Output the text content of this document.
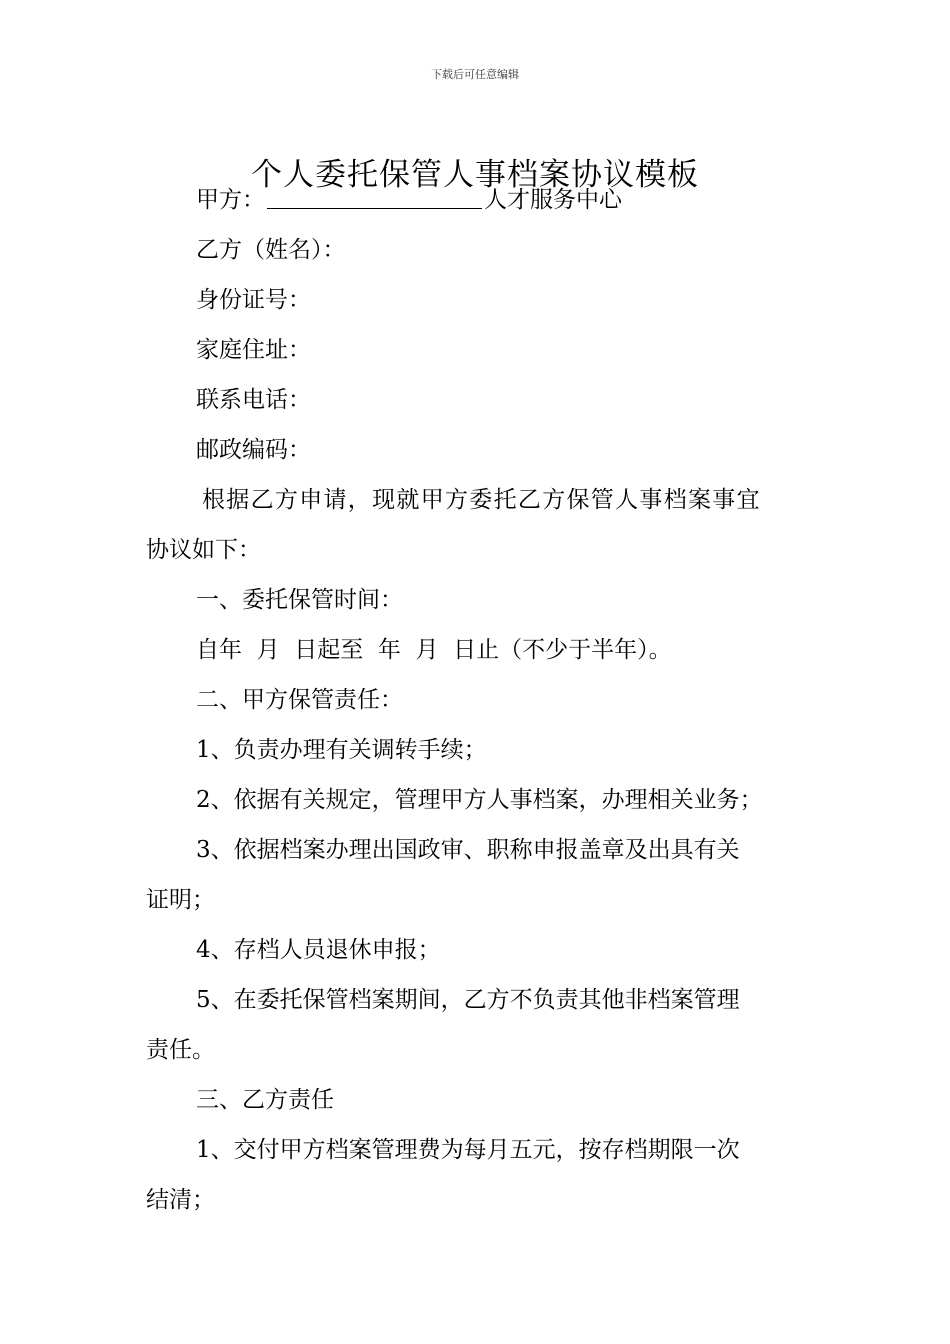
下载后可任意编辑
个人委托保管人事档案协议模板
甲方：	人才服务中心
乙方（姓名）：
身份证号：
家庭住址：
联系电话：
邮政编码：
根据乙方申请，现就甲方委托乙方保管人事档案事宜
协议如下：
一、委托保管时间：
自年  月  日起至  年  月  日止（不少于半年）。
二、甲方保管责任：
1、负责办理有关调转手续；
2、依据有关规定，管理甲方人事档案，办理相关业务；
3、依据档案办理出国政审、职称申报盖章及出具有关
证明；
4、存档人员退休申报；
5、在委托保管档案期间，乙方不负责其他非档案管理
责任。
三、乙方责任
1、交付甲方档案管理费为每月五元，按存档期限一次
结清；
